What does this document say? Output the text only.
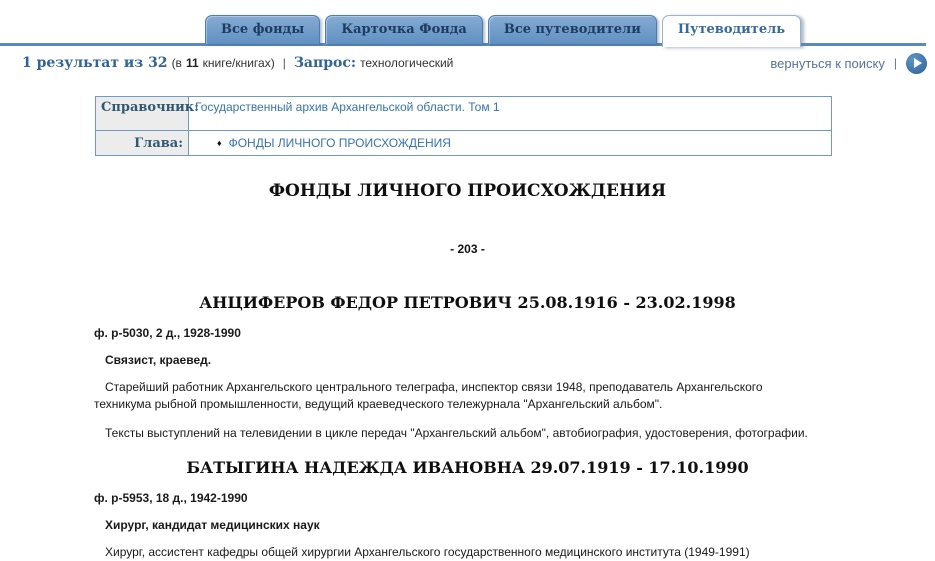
Все фонды	Карточка Фонда	Все путеводители	Путеводитель
1 результат из 32 (в 11 книге/книгах) | Запрос: технологический	вернуться к поиску |
Справочник:	Государственный архив Архангельской области. Том 1
Глава:	♦ ФОНДЫ ЛИЧНОГО ПРОИСХОЖДЕНИЯ
ФОНДЫ ЛИЧНОГО ПРОИСХОЖДЕНИЯ
- 203 -
АНЦИФЕРОВ ФЕДОР ПЕТРОВИЧ 25.08.1916 - 23.02.1998

ф. р-5030, 2 д., 1928-1990

Связист, краевед.

Старейший работник Архангельского центрального телеграфа, инспектор связи 1948, преподаватель Архангельского техникума рыбной промышленности, ведущий краеведческого тележурнала "Архангельский альбом".

Тексты выступлений на телевидении в цикле передач "Архангельский альбом", автобиография, удостоверения, фотографии.

БАТЫГИНА НАДЕЖДА ИВАНОВНА 29.07.1919 - 17.10.1990

ф. р-5953, 18 д., 1942-1990

Хирург, кандидат медицинских наук

Хирург, ассистент кафедры общей хирургии Архангельского государственного медицинского института (1949-1991)
